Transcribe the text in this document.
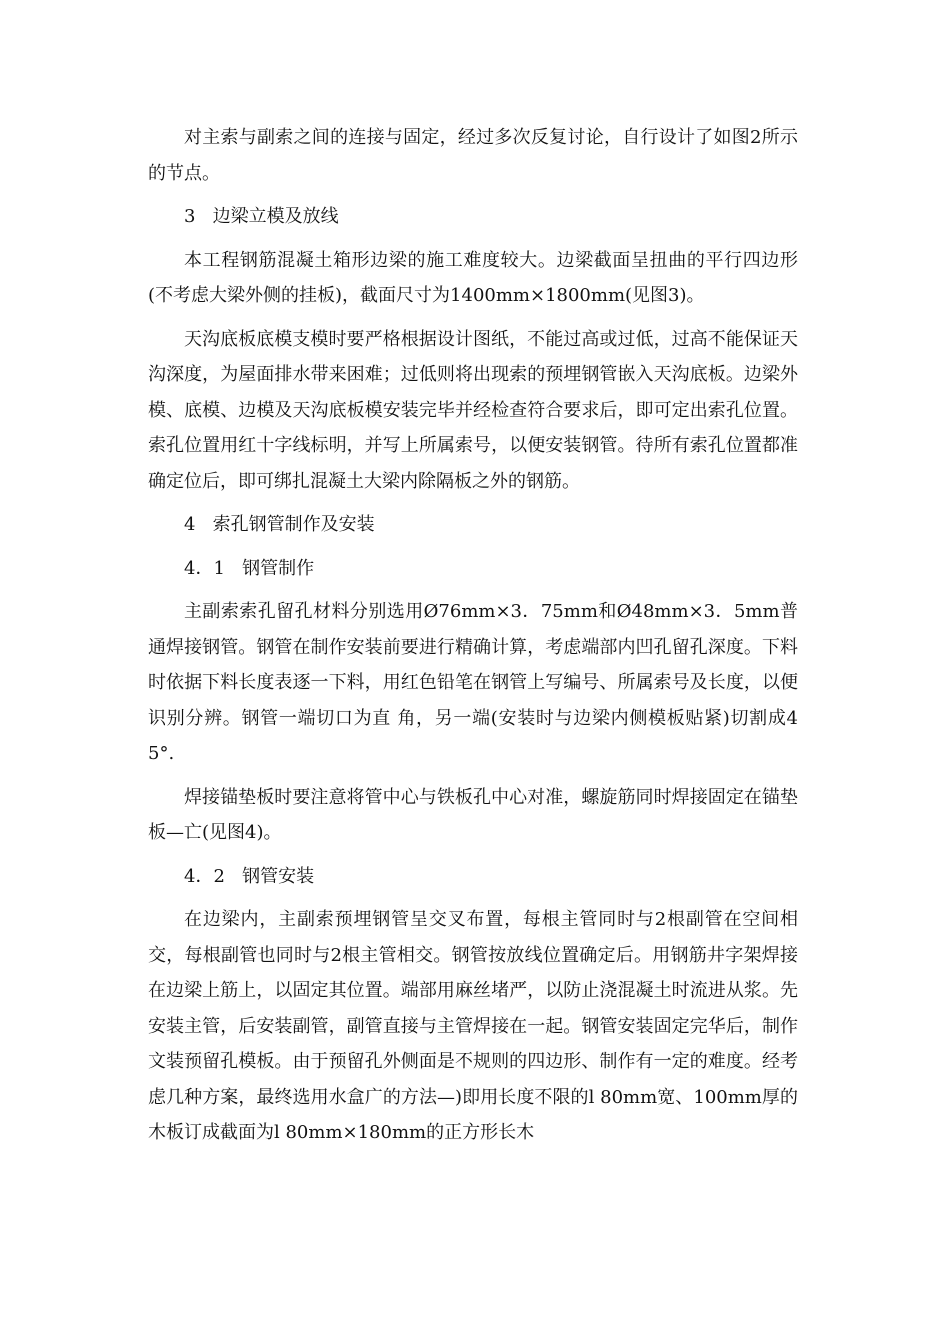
对主索与副索之间的连接与固定，经过多次反复讨论，自行设计了如图2所示的节点。

3   边梁立模及放线

本工程钢筋混凝土箱形边梁的施工难度较大。边梁截面呈扭曲的平行四边形(不考虑大梁外侧的挂板)，截面尺寸为1400mm×1800mm(见图3)。

天沟底板底模支模时要严格根据设计图纸，不能过高或过低，过高不能保证天沟深度，为屋面排水带来困难；过低则将出现索的预埋钢管嵌入天沟底板。边梁外模、底模、边模及天沟底板模安装完毕并经检查符合要求后，即可定出索孔位置。索孔位置用红十字线标明，并写上所属索号，以便安装钢管。待所有索孔位置都准确定位后，即可绑扎混凝土大梁内除隔板之外的钢筋。

4   索孔钢管制作及安装

4．1   钢管制作

主副索索孔留孔材料分别选用Ø76mm×3．75mm和Ø48mm×3．5mm普通焊接钢管。钢管在制作安装前要进行精确计算，考虑端部内凹孔留孔深度。下料时依据下料长度表逐一下料，用红色铅笔在钢管上写编号、所属索号及长度，以便识别分辨。钢管一端切口为直 角，另一端(安装时与边梁内侧模板贴紧)切割成45°.

焊接锚垫板时要注意将管中心与铁板孔中心对准，螺旋筋同时焊接固定在锚垫板—亡(见图4)。

4．2   钢管安装

在边梁内，主副索预埋钢管呈交叉布置，每根主管同时与2根副管在空间相交，每根副管也同时与2根主管相交。钢管按放线位置确定后。用钢筋井字架焊接在边梁上筋上，以固定其位置。端部用麻丝堵严，以防止浇混凝土时流进从浆。先安装主管，后安装副管，副管直接与主管焊接在一起。钢管安装固定完华后，制作文装预留孔模板。由于预留孔外侧面是不规则的四边形、制作有一定的难度。经考虑几种方案，最终选用水盒广的方法—)即用长度不限的l 80mm宽、100mm厚的木板订成截面为l 80mm×180mm的正方形长木
